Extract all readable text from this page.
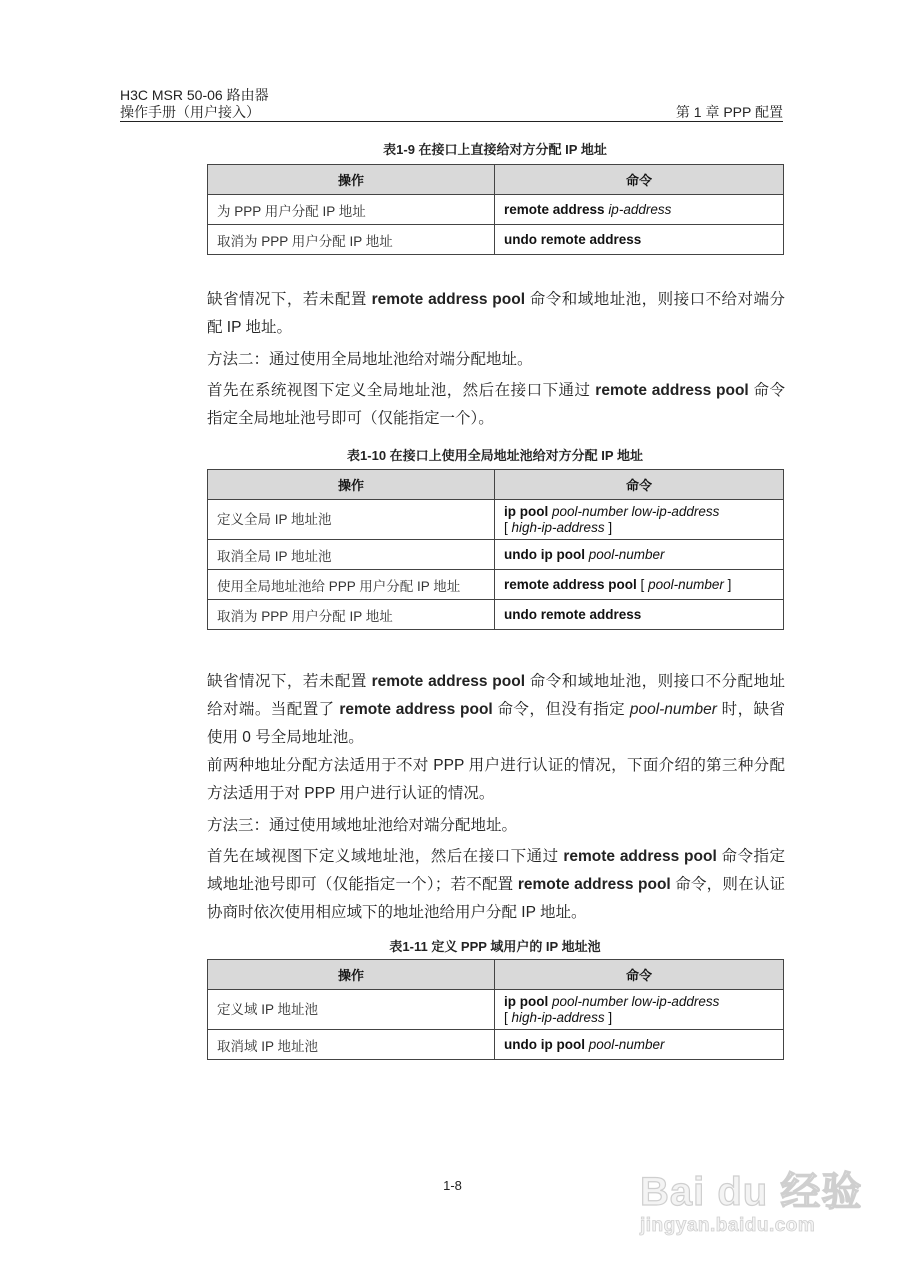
H3C MSR 50-06 路由器
操作手册（用户接入）	第 1 章 PPP 配置
表1-9 在接口上直接给对方分配 IP 地址
操作	命令
为 PPP 用户分配 IP 地址	remote address ip-address
取消为 PPP 用户分配 IP 地址	undo remote address
缺省情况下，若未配置 remote address pool 命令和域地址池，则接口不给对端分配 IP 地址。
方法二：通过使用全局地址池给对端分配地址。
首先在系统视图下定义全局地址池，然后在接口下通过 remote address pool 命令指定全局地址池号即可（仅能指定一个）。
表1-10 在接口上使用全局地址池给对方分配 IP 地址
操作	命令
定义全局 IP 地址池	ip pool pool-number low-ip-address
[ high-ip-address ]
取消全局 IP 地址池	undo ip pool pool-number
使用全局地址池给 PPP 用户分配 IP 地址	remote address pool [ pool-number ]
取消为 PPP 用户分配 IP 地址	undo remote address
缺省情况下，若未配置 remote address pool 命令和域地址池，则接口不分配地址给对端。当配置了 remote address pool 命令，但没有指定 pool-number 时，缺省使用 0 号全局地址池。
前两种地址分配方法适用于不对 PPP 用户进行认证的情况，下面介绍的第三种分配方法适用于对 PPP 用户进行认证的情况。
方法三：通过使用域地址池给对端分配地址。
首先在域视图下定义域地址池，然后在接口下通过 remote address pool 命令指定域地址池号即可（仅能指定一个）；若不配置 remote address pool 命令，则在认证协商时依次使用相应域下的地址池给用户分配 IP 地址。
表1-11 定义 PPP 域用户的 IP 地址池
操作	命令
定义域 IP 地址池	ip pool pool-number low-ip-address
[ high-ip-address ]
取消域 IP 地址池	undo ip pool pool-number
1-8	Bai du 经验
jingyan.baidu.com
